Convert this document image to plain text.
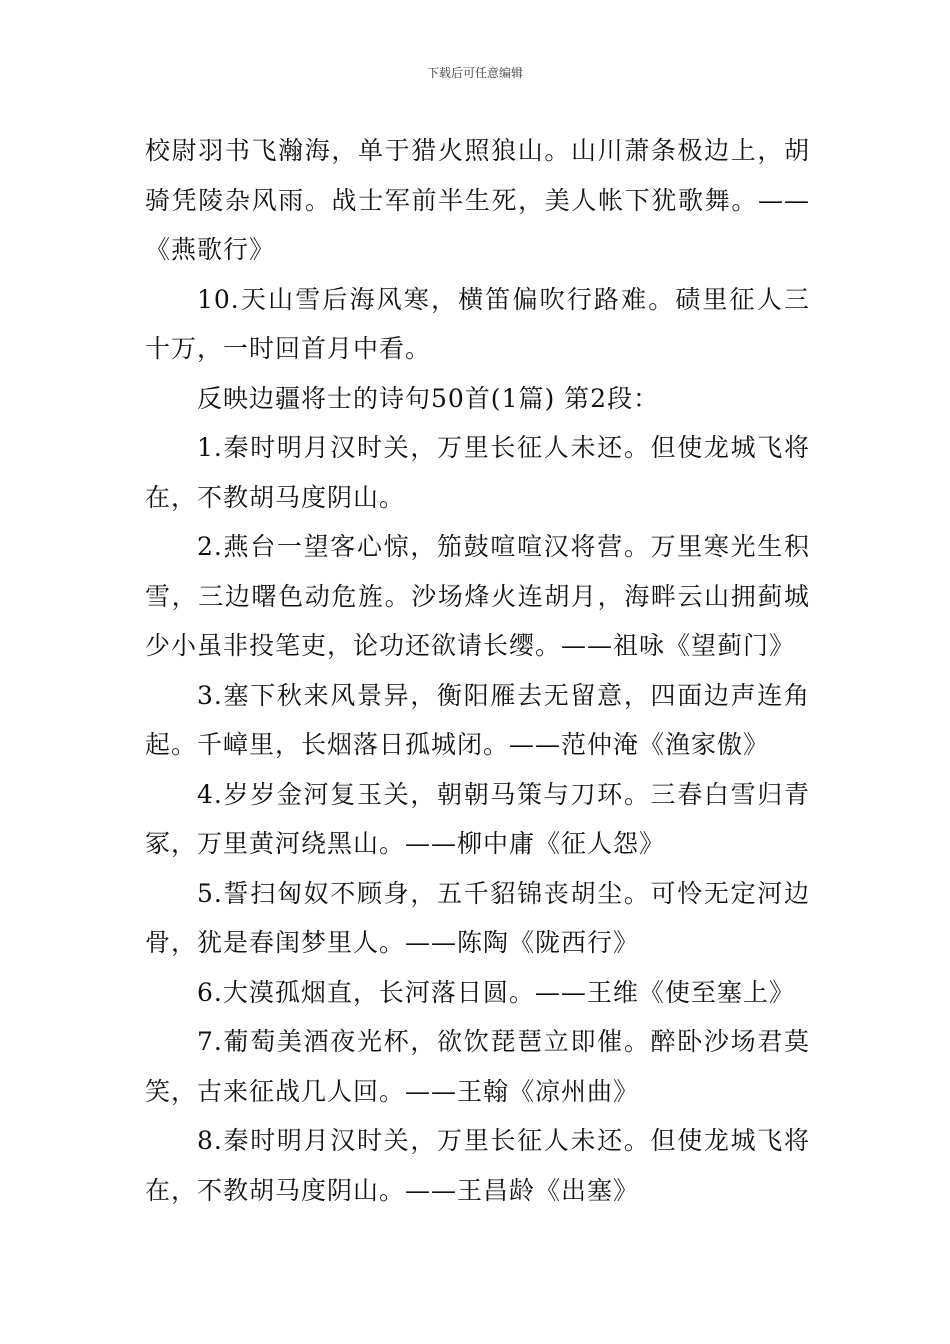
下载后可任意编辑

校尉羽书飞瀚海，单于猎火照狼山。山川萧条极边上，胡骑凭陵杂风雨。战士军前半生死，美人帐下犹歌舞。——《燕歌行》

10.天山雪后海风寒，横笛偏吹行路难。碛里征人三十万，一时回首月中看。

反映边疆将士的诗句50首(1篇) 第2段：

1.秦时明月汉时关，万里长征人未还。但使龙城飞将在，不教胡马度阴山。

2.燕台一望客心惊，笳鼓喧喧汉将营。万里寒光生积雪，三边曙色动危旌。沙场烽火连胡月，海畔云山拥蓟城少小虽非投笔吏，论功还欲请长缨。——祖咏《望蓟门》

3.塞下秋来风景异，衡阳雁去无留意，四面边声连角起。千嶂里，长烟落日孤城闭。——范仲淹《渔家傲》

4.岁岁金河复玉关，朝朝马策与刀环。三春白雪归青冢，万里黄河绕黑山。——柳中庸《征人怨》

5.誓扫匈奴不顾身，五千貂锦丧胡尘。可怜无定河边骨，犹是春闺梦里人。——陈陶《陇西行》

6.大漠孤烟直，长河落日圆。——王维《使至塞上》

7.葡萄美酒夜光杯，欲饮琵琶立即催。醉卧沙场君莫笑，古来征战几人回。——王翰《凉州曲》

8.秦时明月汉时关，万里长征人未还。但使龙城飞将在，不教胡马度阴山。——王昌龄《出塞》
